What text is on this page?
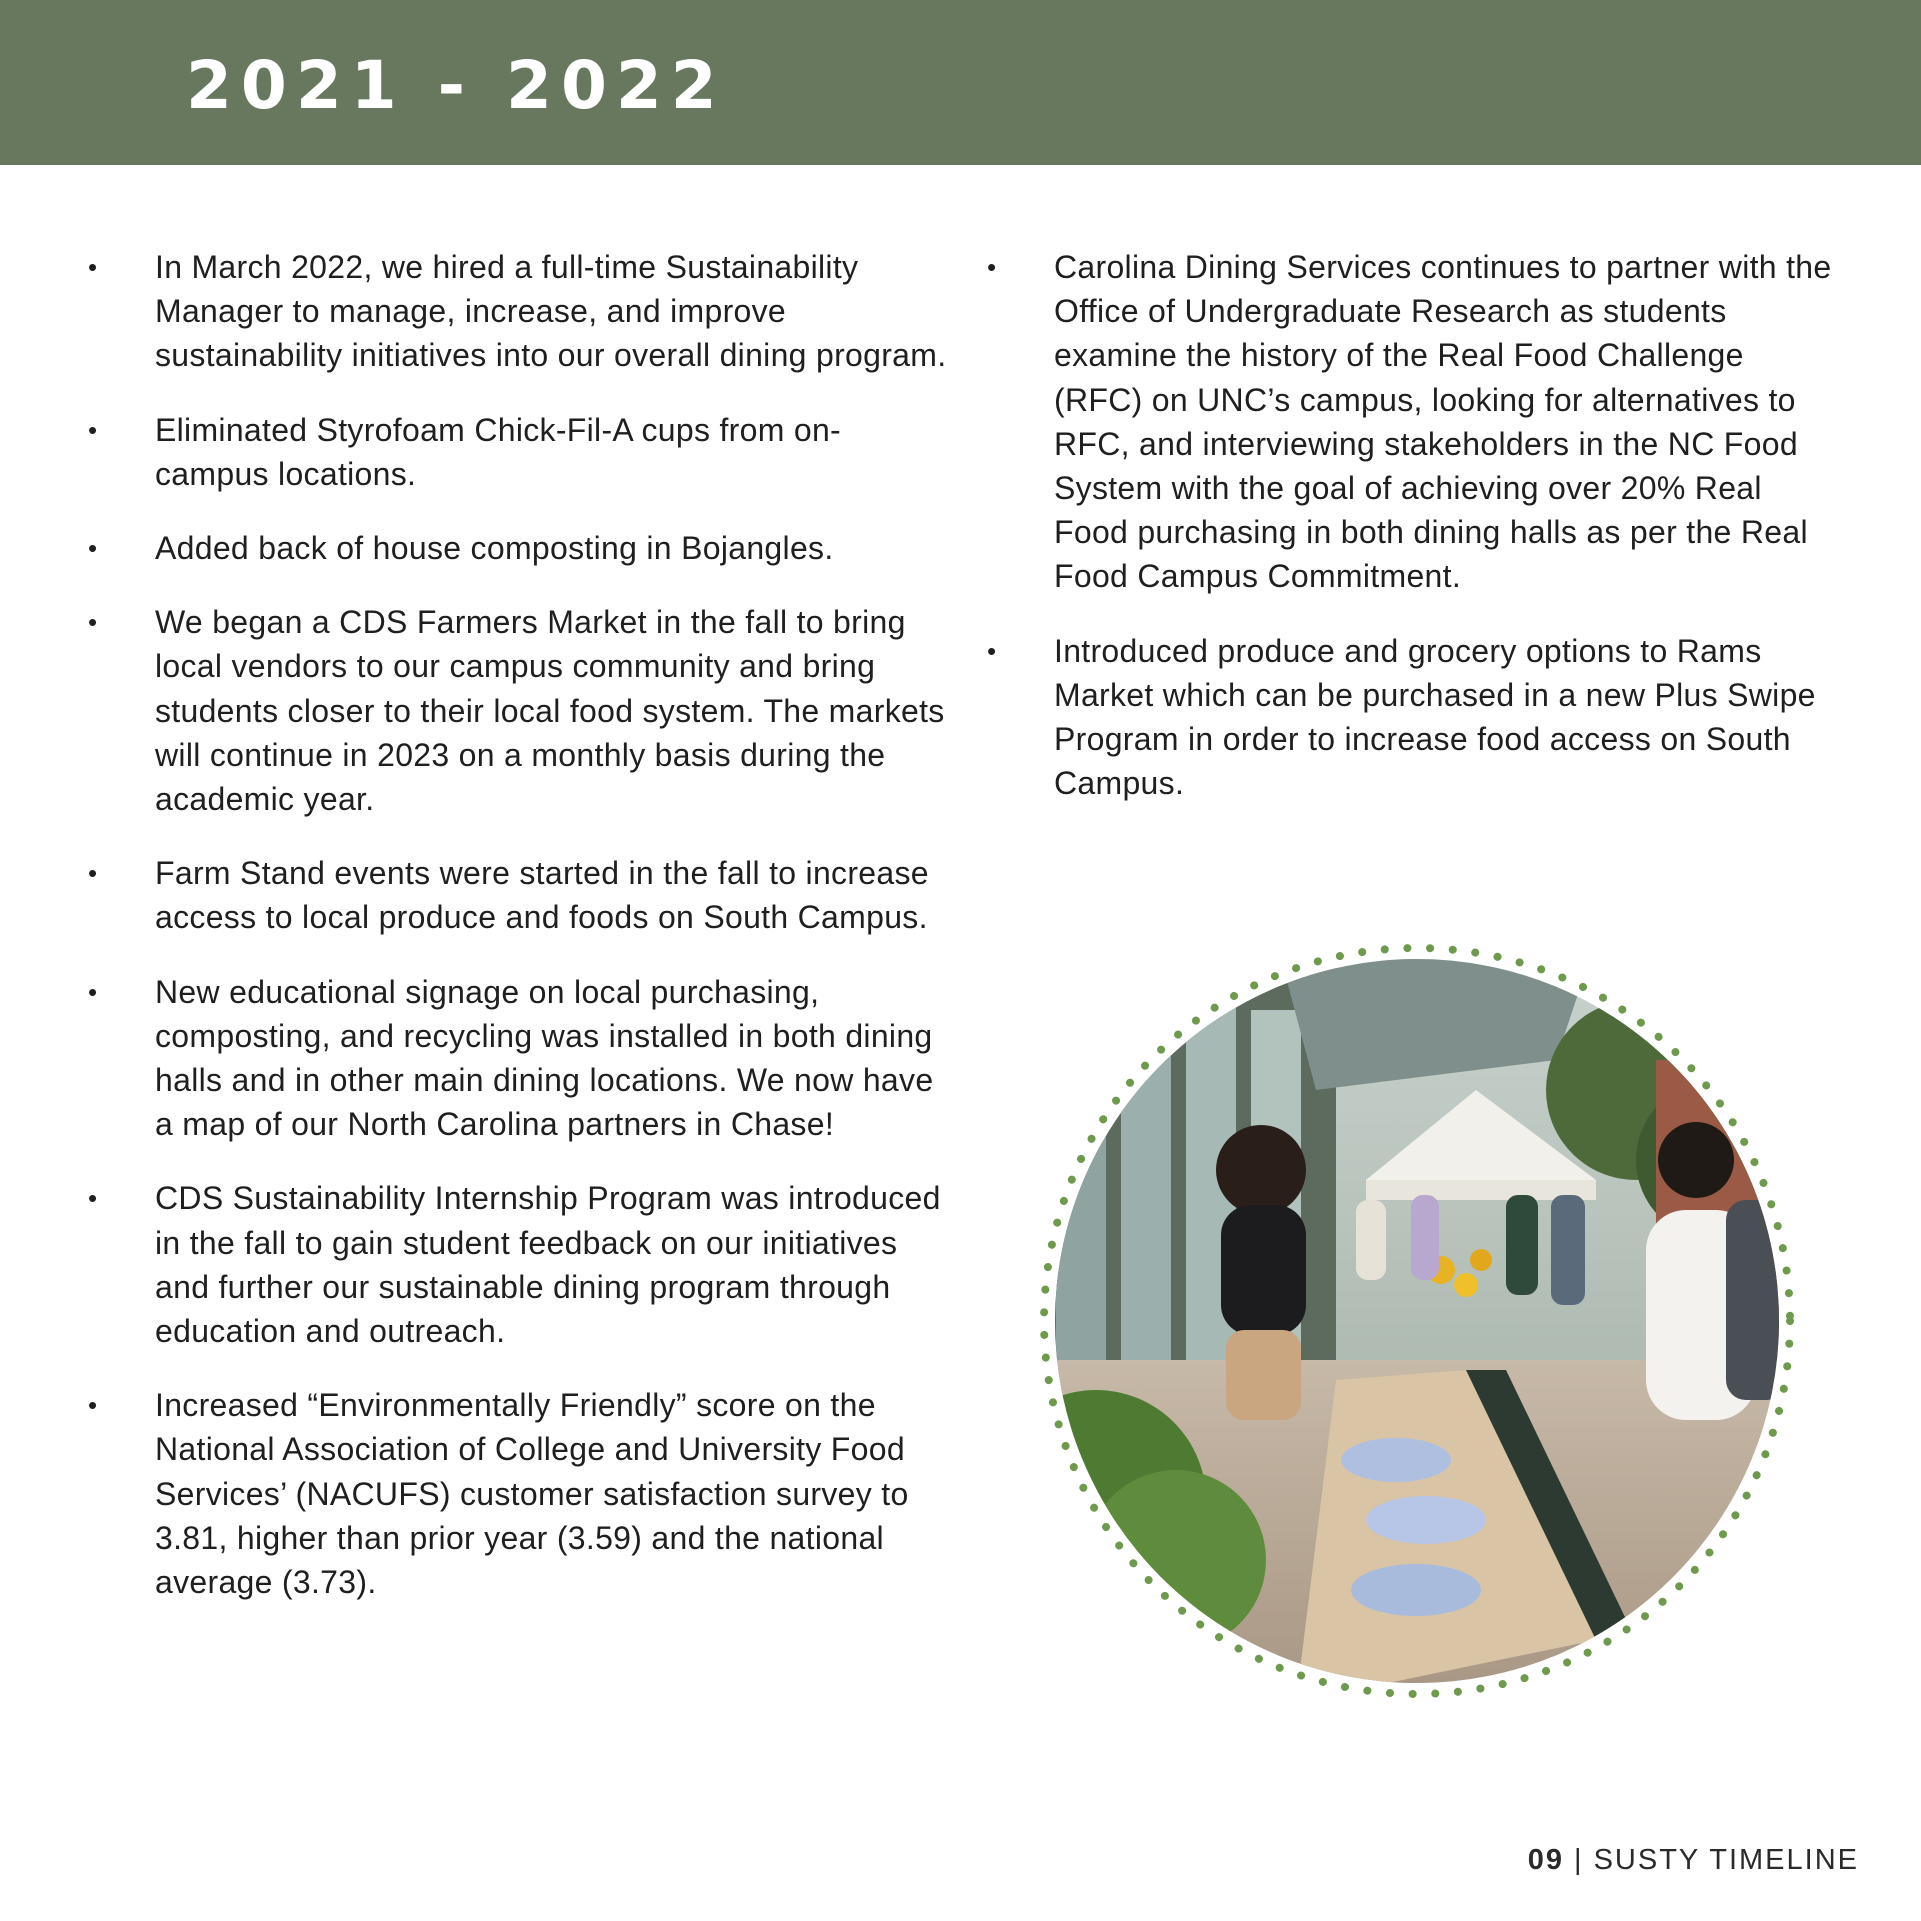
2021 - 2022
•	In March 2022, we hired a full-time Sustainability Manager to manage, increase, and improve sustainability initiatives into our overall dining program.
•	Eliminated Styrofoam Chick-Fil-A cups from on-campus locations.
•	Added back of house composting in Bojangles.
•	We began a CDS Farmers Market in the fall to bring local vendors to our campus community and bring students closer to their local food system. The markets will continue in 2023 on a monthly basis during the academic year.
•	Farm Stand events were started in the fall to increase access to local produce and foods on South Campus.
•	New educational signage on local purchasing, composting, and recycling was installed in both dining halls and in other main dining locations. We now have a map of our North Carolina partners in Chase!
•	CDS Sustainability Internship Program was introduced in the fall to gain student feedback on our initiatives and further our sustainable dining program through education and outreach.
•	Increased “Environmentally Friendly” score on the National Association of College and University Food Services’ (NACUFS) customer satisfaction survey to 3.81, higher than prior year (3.59) and the national average (3.73).
•	Carolina Dining Services continues to partner with the Office of Undergraduate Research as students examine the history of the Real Food Challenge (RFC) on UNC’s campus, looking for alternatives to RFC, and interviewing stakeholders in the NC Food System with the goal of achieving over 20% Real Food purchasing in both dining halls as per the Real Food Campus Commitment.
•	Introduced produce and grocery options to Rams Market which can be purchased in a new Plus Swipe Program in order to increase food access on South Campus.
09 | SUSTY TIMELINE
